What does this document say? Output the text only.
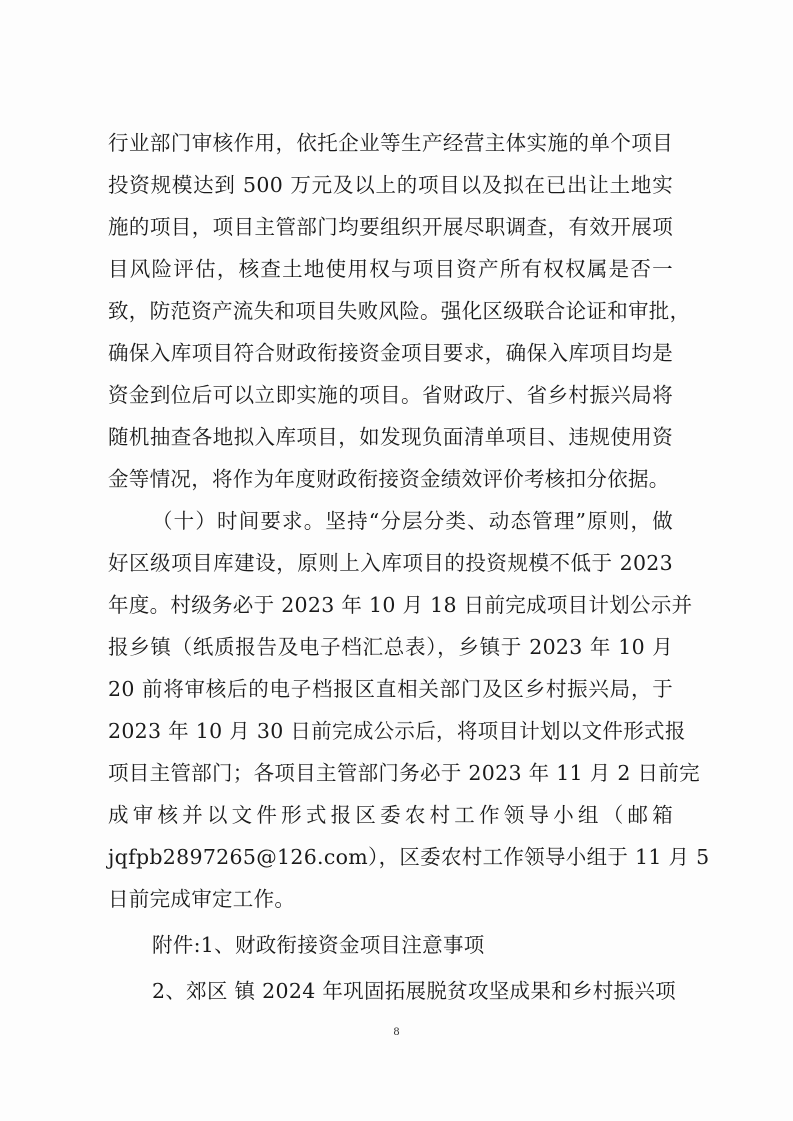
行业部门审核作用，依托企业等生产经营主体实施的单个项目
投资规模达到 500 万元及以上的项目以及拟在已出让土地实
施的项目，项目主管部门均要组织开展尽职调查，有效开展项
目风险评估，核查土地使用权与项目资产所有权权属是否一
致，防范资产流失和项目失败风险。强化区级联合论证和审批，
确保入库项目符合财政衔接资金项目要求，确保入库项目均是
资金到位后可以立即实施的项目。省财政厅、省乡村振兴局将
随机抽查各地拟入库项目，如发现负面清单项目、违规使用资
金等情况，将作为年度财政衔接资金绩效评价考核扣分依据。
（十）时间要求。坚持“分层分类、动态管理”原则，做
好区级项目库建设，原则上入库项目的投资规模不低于 2023
年度。村级务必于 2023 年 10 月 18 日前完成项目计划公示并
报乡镇（纸质报告及电子档汇总表），乡镇于 2023 年 10 月
20 前将审核后的电子档报区直相关部门及区乡村振兴局，于
2023 年 10 月 30 日前完成公示后，将项目计划以文件形式报
项目主管部门；各项目主管部门务必于 2023 年 11 月 2 日前完
成审核并以文件形式报区委农村工作领导小组（邮箱
jqfpb2897265@126.com），区委农村工作领导小组于 11 月 5
日前完成审定工作。
附件:1、财政衔接资金项目注意事项
2、郊区 镇 2024 年巩固拓展脱贫攻坚成果和乡村振兴项
8
